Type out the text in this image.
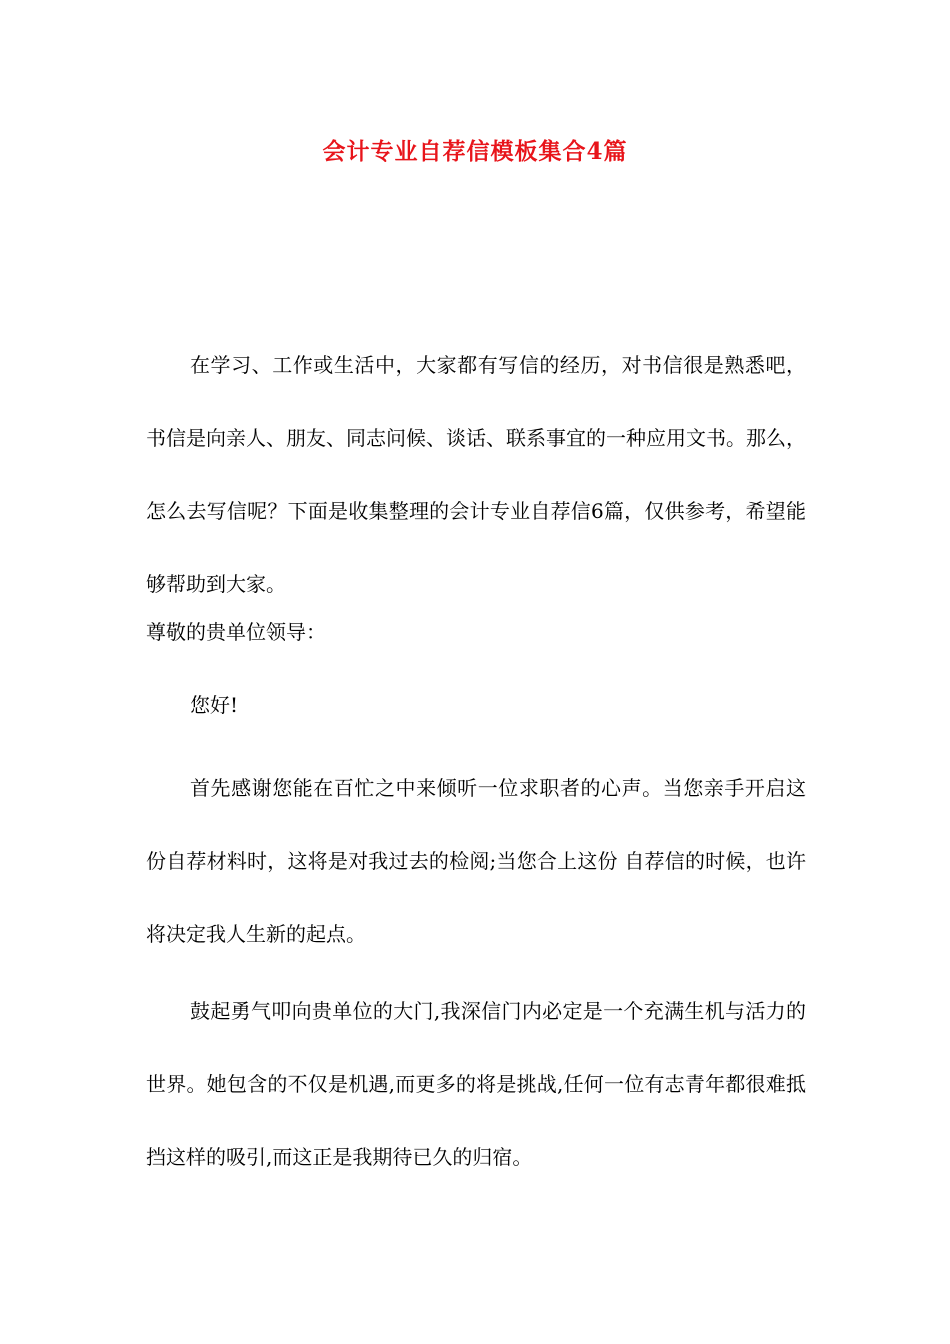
会计专业自荐信模板集合4篇

在学习、工作或生活中，大家都有写信的经历，对书信很是熟悉吧，书信是向亲人、朋友、同志问候、谈话、联系事宜的一种应用文书。那么，怎么去写信呢？下面是收集整理的会计专业自荐信6篇，仅供参考，希望能够帮助到大家。

尊敬的贵单位领导：

您好!

首先感谢您能在百忙之中来倾听一位求职者的心声。当您亲手开启这份自荐材料时，这将是对我过去的检阅;当您合上这份 自荐信的时候，也许将决定我人生新的起点。

鼓起勇气叩向贵单位的大门,我深信门内必定是一个充满生机与活力的世界。她包含的不仅是机遇,而更多的将是挑战,任何一位有志青年都很难抵挡这样的吸引,而这正是我期待已久的归宿。
